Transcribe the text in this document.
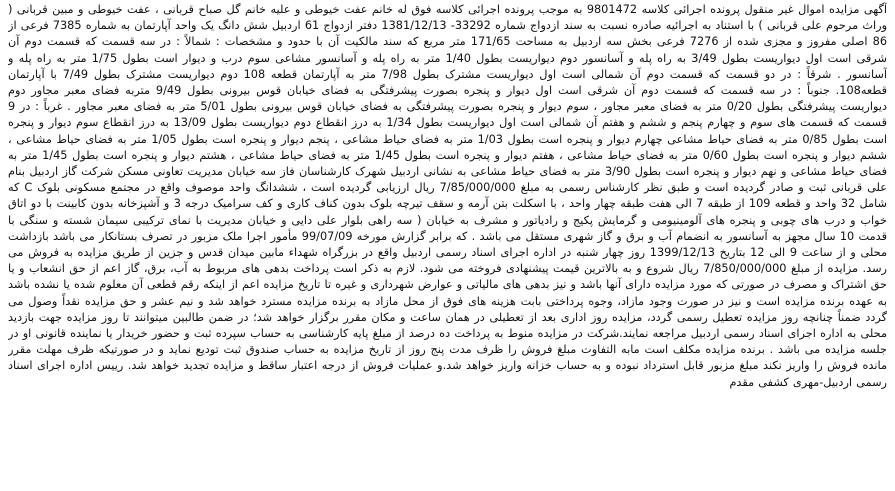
آگهی مزایده اموال غیر منقول پرونده اجرائی کلاسه 9801472 به موجب پرونده اجرائی کلاسه فوق له خانم عفت خیوطی و علیه خانم گل صباح قربانی ، عفت خیوطی و مبین قربانی ( وراث مرحوم علی قربانی ) با استناد به اجرائیه صادره نسبت به سند ازدواج شماره 33292- 1381/12/13 دفتر ازدواج 61 اردبیل شش دانگ یک واحد آپارتمان به شماره 7385 فرعی از 86 اصلی مفروز و مجزی شده از 7276 فرعی بخش سه اردبیل به مساحت 171/65 متر مربع که سند مالکیت آن با حدود و مشخصات : شمالاً : در سه قسمت که قسمت دوم آن شرقی است اول دیواریست بطول 3/49 به راه پله و آسانسور دوم دیواریست بطول 1/40 متر به راه پله و آسانسور مشاعی سوم درب و دیوار است بطول 1/75 متر به راه پله و آسانسور . شرقاً : در دو قسمت که قسمت دوم آن شمالی است اول دیواریست مشترک بطول 7/98 متر به آپارتمان قطعه 108 دوم دیواریست مشترک بطول 7/49 با آپارتمان قطعه108. جنوباً : در سه قسمت که قسمت دوم آن شرقی است اول دیوار و پنجره بصورت پیشرفتگی به فضای خیابان قوس بیرونی بطول 9/49 متربه فضای معبر مجاور دوم دیواریست پیشرفتگی بطول 0/20 متر به فضای معبر مجاور ، سوم دیوار و پنجره بصورت پیشرفتگی به فضای خیابان قوس بیرونی بطول 5/01 متر به فضای معبر مجاور . غرباً : در 9 قسمت که قسمت های سوم و چهارم پنجم و ششم و هفتم آن شمالی است اول دیواریست بطول 1/34 به درز انقطاع دوم دیواریست بطول 13/09 به درز انقطاع سوم دیوار و پنجره است بطول 0/85 متر به فضای حیاط مشاعی چهارم دیوار و پنجره است بطول 1/03 متر به فضای حیاط مشاعی ، پنجم دیوار و پنجره است بطول 1/05 متر به فضای حیاط مشاعی ، ششم دیوار و پنجره است بطول 0/60 متر به فضای حیاط مشاعی ، هفتم دیوار و پنجره است بطول 1/45 متر به فضای حیاط مشاعی ، هشتم دیوار و پنجره است بطول 1/45 متر به فضای حیاط مشاعی و نهم دیوار و پنجره است بطول 3/90 متر به فضای حیاط مشاعی به نشانی اردبیل شهرک کارشناسان فاز سه خیابان مدیریت تعاونی مسکن شرکت گاز اردبیل بنام علی قربانی ثبت و صادر گردیده است و طبق نظر کارشناس رسمی به مبلغ 7/85/000/000 ریال ارزیابی گردیده است ، ششدانگ واحد موصوف واقع در مجتمع مسکونی بلوک C که شامل 32 واحد و قطعه 109 از طبقه 7 الی هفت طبقه چهار واحد ، با اسکلت بتن آرمه و سقف تیرچه بلوک بدون کناف کاری و کف سرامیک درجه 3 و آشپزخانه بدون کابینت با دو اتاق خواب و درب های چوبی و پنجره های آلومینیومی و گرمایش پکیج و رادیاتور و مشرف به خیابان ( سه راهی بلوار علی دایی و خیابان مدیریت با نمای ترکیبی سیمان شسته و سنگی با قدمت 10 سال مجهز به آسانسور به انضمام آب و برق و گاز شهری مستقل می باشد . که برابر گزارش مورخه 99/07/09 مأمور اجرا ملک مزبور در تصرف بستانکار می باشد بازداشت محلی و از ساعت 9 الی 12 بتاریخ 1399/12/13 روز چهار شنبه در اداره اجرای اسناد رسمی اردبیل واقع در بزرگراه شهداء مابین میدان قدس و جزین از طریق مزایده به فروش می رسد. مزایده از مبلغ 7/850/000/000 ریال شروع و به بالاترین قیمت پیشنهادی فروخته می شود. لازم به ذکر است پرداخت بدهی های مربوط به آب، برق، گاز اعم از حق انشعاب و یا حق اشتراک و مصرف در صورتی که مورد مزایده دارای آنها باشد و نیز بدهی های مالیاتی و عوارض شهرداری و غیره تا تاریخ مزایده اعم از اینکه رقم قطعی آن معلوم شده یا نشده باشد به عهده برنده مزایده است و نیز در صورت وجود مازاد، وجوه پرداختی بابت هزینه های فوق از محل مازاد به برنده مزایده مسترد خواهد شد و نیم عشر و حق مزایده نقداً وصول می گردد ضمناً چنانچه روز مزایده تعطیل رسمی گردد، مزایده روز اداری بعد از تعطیلی در همان ساعت و مکان مقرر برگزار خواهد شد؛ در ضمن طالبین میتوانند تا روز مزایده جهت بازدید محلی به اداره اجرای اسناد رسمی اردبیل مراجعه نمایند.شرکت در مزایده منوط به پرداخت ده درصد از مبلغ پایه کارشناسی به حساب سپرده ثبت و حضور خریدار یا نماینده قانونی او در جلسه مزایده می باشد . برنده مزایده مکلف است مابه التفاوت مبلغ فروش را ظرف مدت پنج روز از تاریخ مزایده به حساب صندوق ثبت تودیع نماید و در صورتیکه ظرف مهلت مقرر مانده فروش را واریز نکند مبلغ مزبور قابل استرداد نبوده و به حساب خزانه واریز خواهد شد.و عملیات فروش از درجه اعتبار ساقط و مزایده تجدید خواهد شد. رییس اداره اجرای اسناد رسمی اردبیل-مهری کشفی مقدم
